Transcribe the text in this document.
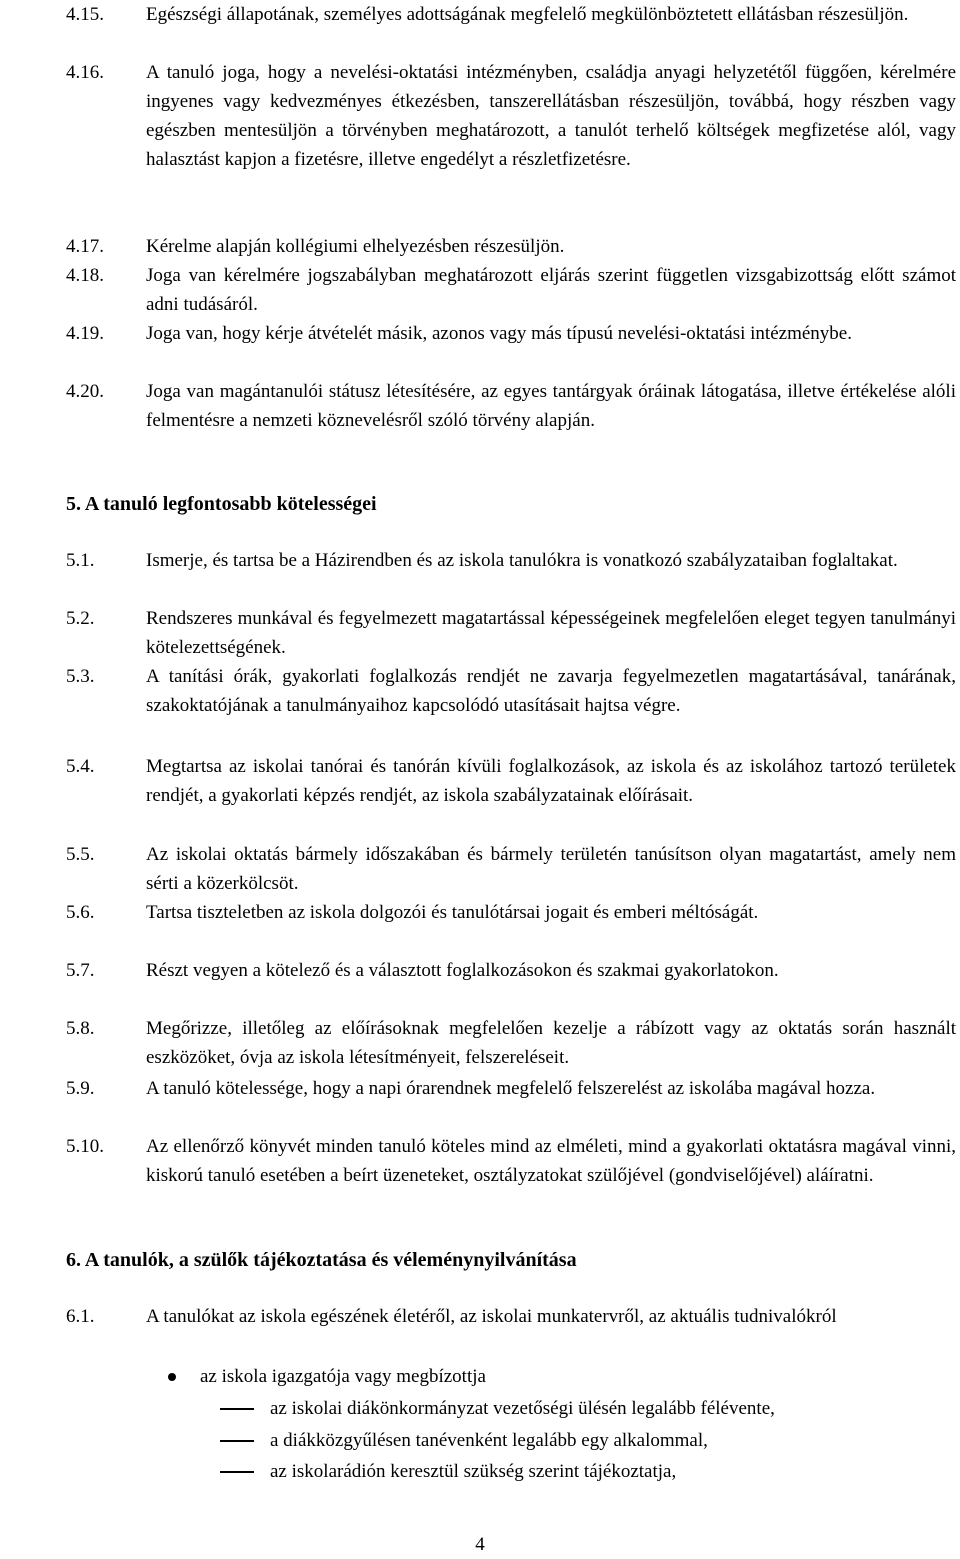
4.15.	Egészségi állapotának, személyes adottságának megfelelő megkülönböztetett ellátásban részesüljön.
4.16.	A tanuló joga, hogy a nevelési-oktatási intézményben, családja anyagi helyzetétől függően, kérelmére ingyenes vagy kedvezményes étkezésben, tanszerellátásban részesüljön, továbbá, hogy részben vagy egészben mentesüljön a törvényben meghatározott, a tanulót terhelő költségek megfizetése alól, vagy halasztást kapjon a fizetésre, illetve engedélyt a részletfizetésre.
4.17.	Kérelme alapján kollégiumi elhelyezésben részesüljön.
4.18.	Joga van kérelmére jogszabályban meghatározott eljárás szerint független vizsgabizottság előtt számot adni tudásáról.
4.19.	Joga van, hogy kérje átvételét másik, azonos vagy más típusú nevelési-oktatási intézménybe.
4.20.	Joga van magántanulói státusz létesítésére, az egyes tantárgyak óráinak látogatása, illetve értékelése alóli felmentésre a nemzeti köznevelésről szóló törvény alapján.
5. A tanuló legfontosabb kötelességei
5.1.	Ismerje, és tartsa be a Házirendben és az iskola tanulókra is vonatkozó szabályzataiban foglaltakat.
5.2.	Rendszeres munkával és fegyelmezett magatartással képességeinek megfelelően eleget tegyen tanulmányi kötelezettségének.
5.3.	A tanítási órák, gyakorlati foglalkozás rendjét ne zavarja fegyelmezetlen magatartásával, tanárának, szakoktatójának a tanulmányaihoz kapcsolódó utasításait hajtsa végre.
5.4.	Megtartsa az iskolai tanórai és tanórán kívüli foglalkozások, az iskola és az iskolához tartozó területek rendjét, a gyakorlati képzés rendjét, az iskola szabályzatainak előírásait.
5.5.	Az iskolai oktatás bármely időszakában és bármely területén tanúsítson olyan magatartást, amely nem sérti a közerkölcsöt.
5.6.	Tartsa tiszteletben az iskola dolgozói és tanulótársai jogait és emberi méltóságát.
5.7.	Részt vegyen a kötelező és a választott foglalkozásokon és szakmai gyakorlatokon.
5.8.	Megőrizze, illetőleg az előírásoknak megfelelően kezelje a rábízott vagy az oktatás során használt eszközöket, óvja az iskola létesítményeit, felszereléseit.
5.9.	A tanuló kötelessége, hogy a napi órarendnek megfelelő felszerelést az iskolába magával hozza.
5.10.	Az ellenőrző könyvét minden tanuló köteles mind az elméleti, mind a gyakorlati oktatásra magával vinni, kiskorú tanuló esetében a beírt üzeneteket, osztályzatokat szülőjével (gondviselőjével) aláíratni.
6. A tanulók, a szülők tájékoztatása és véleménynyilvánítása
6.1.	A tanulókat az iskola egészének életéről, az iskolai munkatervről, az aktuális tudnivalókról
az iskola igazgatója vagy megbízottja
az iskolai diákönkormányzat vezetőségi ülésén legalább félévente,
a diákközgyűlésen tanévenként legalább egy alkalommal,
az iskolarádión keresztül szükség szerint tájékoztatja,
4
